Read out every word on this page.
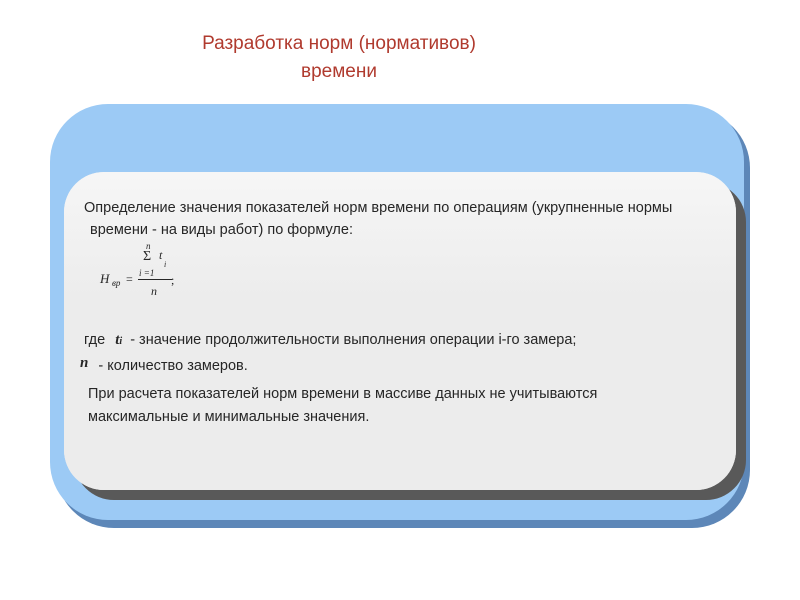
Разработка норм (нормативов)
времени
Определение значения показателей норм времени по операциям (укрупненные нормы
времени - на виды работ) по формуле:
H вр =
n
Σ t
i
i =1
n
;
где ti - значение продолжительности выполнения операции i-го замера;
n - количество замеров.
При расчета показателей норм времени в массиве данных не учитываются
максимальные и минимальные значения.
